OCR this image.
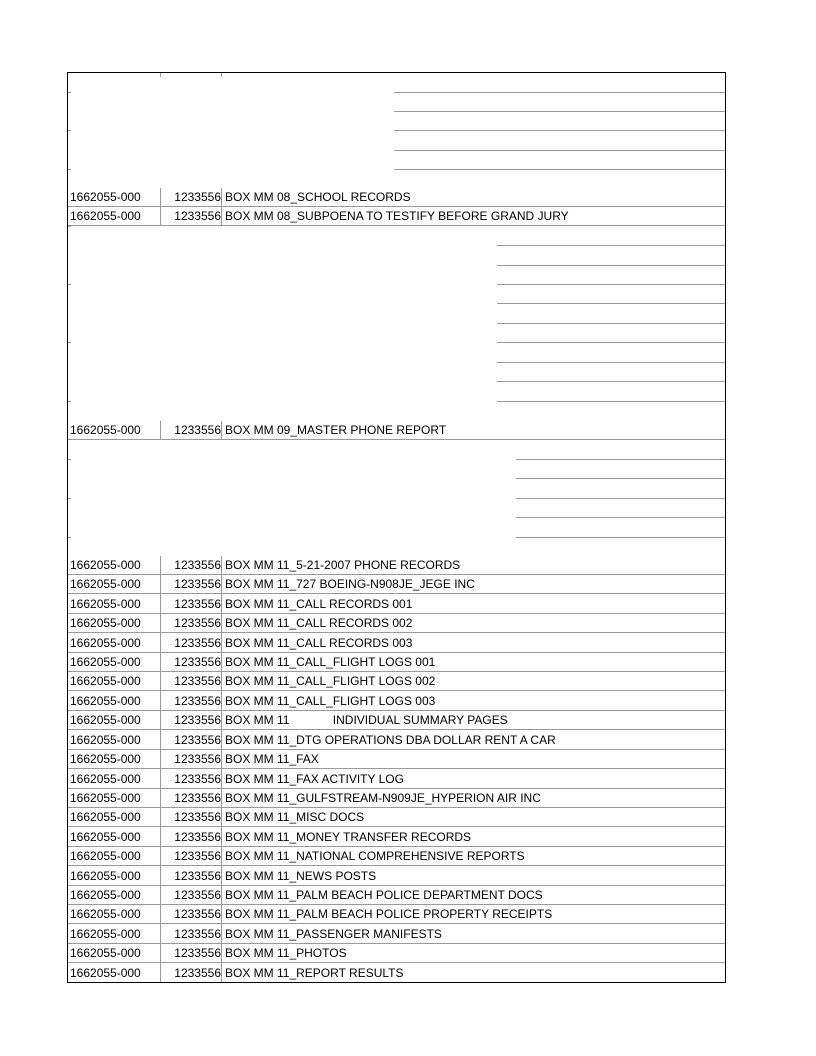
1662055-000	1233556 BOX MM 08_SCHOOL RECORDS
1662055-000	1233556 BOX MM 08_SUBPOENA TO TESTIFY BEFORE GRAND JURY
1662055-000	1233556 BOX MM 09_MASTER PHONE REPORT
1662055-000	1233556 BOX MM 11_5-21-2007 PHONE RECORDS
1662055-000	1233556 BOX MM 11_727 BOEING-N908JE_JEGE INC
1662055-000	1233556 BOX MM 11_CALL RECORDS 001
1662055-000	1233556 BOX MM 11_CALL RECORDS 002
1662055-000	1233556 BOX MM 11_CALL RECORDS 003
1662055-000	1233556 BOX MM 11_CALL_FLIGHT LOGS 001
1662055-000	1233556 BOX MM 11_CALL_FLIGHT LOGS 002
1662055-000	1233556 BOX MM 11_CALL_FLIGHT LOGS 003
1662055-000	1233556 BOX MM 11             INDIVIDUAL SUMMARY PAGES
1662055-000	1233556 BOX MM 11_DTG OPERATIONS DBA DOLLAR RENT A CAR
1662055-000	1233556 BOX MM 11_FAX
1662055-000	1233556 BOX MM 11_FAX ACTIVITY LOG
1662055-000	1233556 BOX MM 11_GULFSTREAM-N909JE_HYPERION AIR INC
1662055-000	1233556 BOX MM 11_MISC DOCS
1662055-000	1233556 BOX MM 11_MONEY TRANSFER RECORDS
1662055-000	1233556 BOX MM 11_NATIONAL COMPREHENSIVE REPORTS
1662055-000	1233556 BOX MM 11_NEWS POSTS
1662055-000	1233556 BOX MM 11_PALM BEACH POLICE DEPARTMENT DOCS
1662055-000	1233556 BOX MM 11_PALM BEACH POLICE PROPERTY RECEIPTS
1662055-000	1233556 BOX MM 11_PASSENGER MANIFESTS
1662055-000	1233556 BOX MM 11_PHOTOS
1662055-000	1233556 BOX MM 11_REPORT RESULTS
